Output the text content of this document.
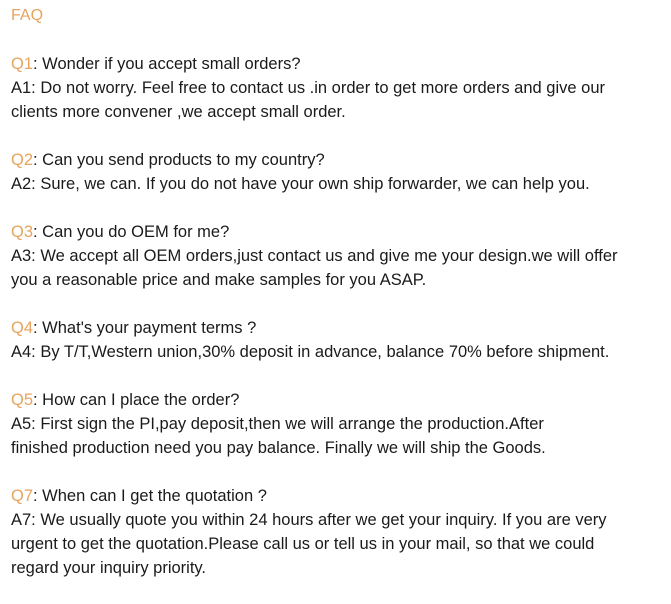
FAQ
Q1: Wonder if you accept small orders?
A1: Do not worry. Feel free to contact us .in order to get more orders and give our
clients more convener ,we accept small order.
Q2: Can you send products to my country?
A2: Sure, we can. If you do not have your own ship forwarder, we can help you.
Q3: Can you do OEM for me?
A3: We accept all OEM orders,just contact us and give me your design.we will offer
you a reasonable price and make samples for you ASAP.
Q4: What's your payment terms ?
A4: By T/T,Western union,30% deposit in advance, balance 70% before shipment.
Q5: How can I place the order?
A5: First sign the PI,pay deposit,then we will arrange the production.After
finished production need you pay balance. Finally we will ship the Goods.
Q7: When can I get the quotation ?
A7: We usually quote you within 24 hours after we get your inquiry. If you are very
urgent to get the quotation.Please call us or tell us in your mail, so that we could
regard your inquiry priority.
